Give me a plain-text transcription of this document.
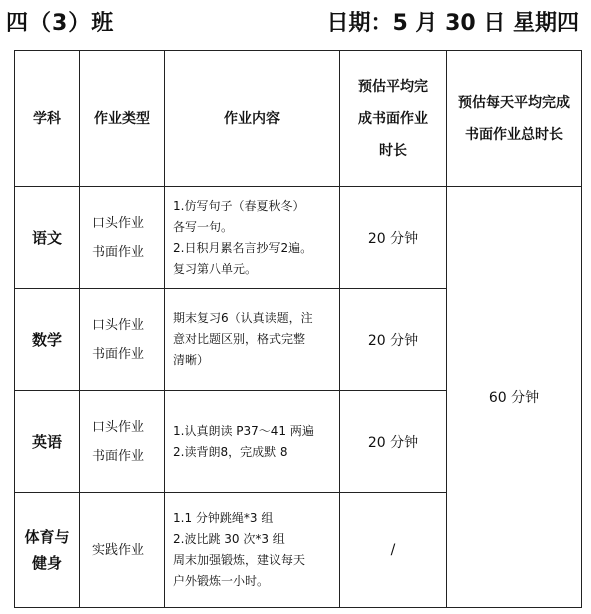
四（3）班	日期：5 月 30 日 星期四
学科	作业类型	作业内容	预估平均完
成书面作业
时长	预估每天平均完成
书面作业总时长

语文	口头作业
书面作业	1.仿写句子（春夏秋冬）
各写一句。
2.日积月累名言抄写2遍。
复习第八单元。	20 分钟	60 分钟

数学	口头作业
书面作业	期末复习6（认真读题，注
意对比题区别，格式完整
清晰）	20 分钟	

英语	口头作业
书面作业	1.认真朗读 P37～41 两遍
2.读背朗8，完成默 8	20 分钟	

体育与
健身	实践作业	1.1 分钟跳绳*3 组
2.波比跳 30 次*3 组
周末加强锻炼，建议每天
户外锻炼一小时。	/	
